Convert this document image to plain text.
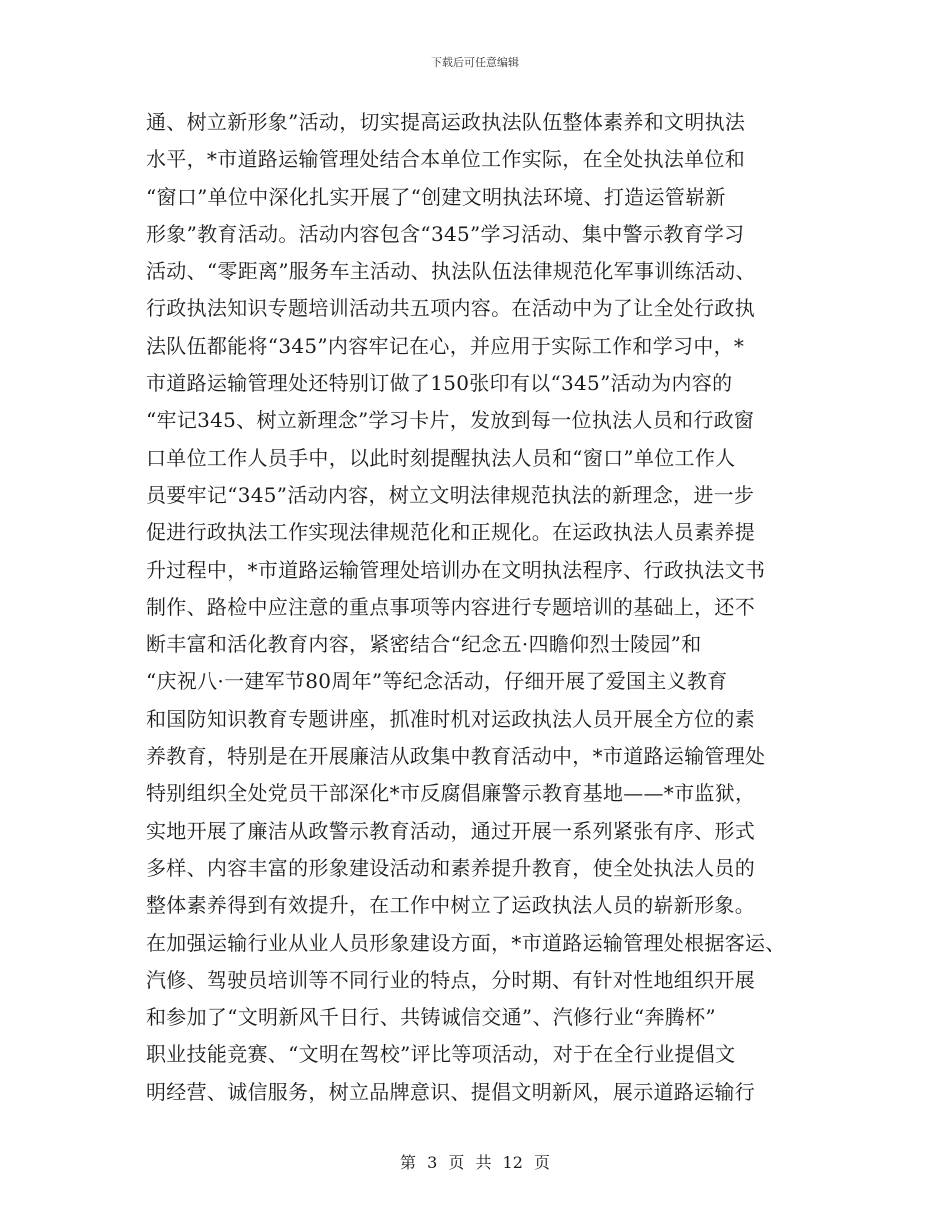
下载后可任意编辑
通、树立新形象”活动，切实提高运政执法队伍整体素养和文明执法
水平，*市道路运输管理处结合本单位工作实际，在全处执法单位和
“窗口”单位中深化扎实开展了“创建文明执法环境、打造运管崭新
形象”教育活动。活动内容包含“345”学习活动、集中警示教育学习
活动、“零距离”服务车主活动、执法队伍法律规范化军事训练活动、
行政执法知识专题培训活动共五项内容。在活动中为了让全处行政执
法队伍都能将“345”内容牢记在心，并应用于实际工作和学习中，*
市道路运输管理处还特别订做了150张印有以“345”活动为内容的
“牢记345、树立新理念”学习卡片，发放到每一位执法人员和行政窗
口单位工作人员手中，以此时刻提醒执法人员和“窗口”单位工作人
员要牢记“345”活动内容，树立文明法律规范执法的新理念，进一步
促进行政执法工作实现法律规范化和正规化。在运政执法人员素养提
升过程中，*市道路运输管理处培训办在文明执法程序、行政执法文书
制作、路检中应注意的重点事项等内容进行专题培训的基础上，还不
断丰富和活化教育内容，紧密结合“纪念五·四瞻仰烈士陵园”和
“庆祝八·一建军节80周年”等纪念活动，仔细开展了爱国主义教育
和国防知识教育专题讲座，抓准时机对运政执法人员开展全方位的素
养教育，特别是在开展廉洁从政集中教育活动中，*市道路运输管理处
特别组织全处党员干部深化*市反腐倡廉警示教育基地——*市监狱，
实地开展了廉洁从政警示教育活动，通过开展一系列紧张有序、形式
多样、内容丰富的形象建设活动和素养提升教育，使全处执法人员的
整体素养得到有效提升，在工作中树立了运政执法人员的崭新形象。
在加强运输行业从业人员形象建设方面，*市道路运输管理处根据客运、
汽修、驾驶员培训等不同行业的特点，分时期、有针对性地组织开展
和参加了“文明新风千日行、共铸诚信交通”、汽修行业“奔腾杯”
职业技能竞赛、“文明在驾校”评比等项活动，对于在全行业提倡文
明经营、诚信服务，树立品牌意识、提倡文明新风，展示道路运输行
第 3 页 共 12 页
